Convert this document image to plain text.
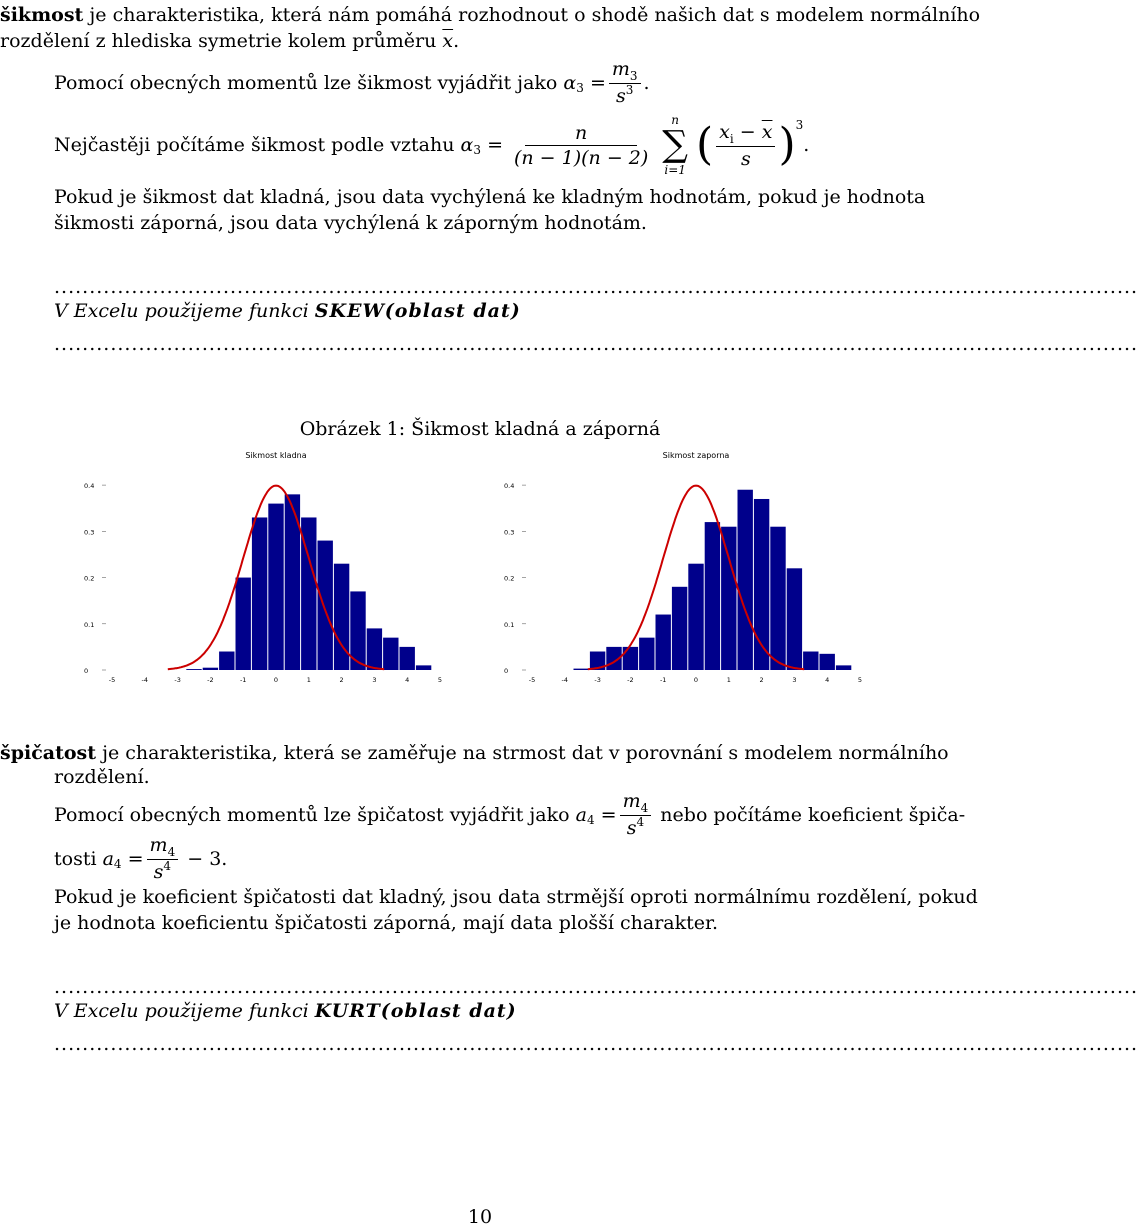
šikmost je charakteristika, která nám pomáhá rozhodnout o shodě našich dat s modelem normálního
rozdělení z hlediska symetrie kolem průměru $\overline{x}$.
Pomocí obecných momentů lze šikmost vyjádřit jako
α 3
= $\frac{m_3}{s^3}$ .
Nejčastěji počítáme šikmost podle vztahu
α 3
= $\frac{n}{(n - 1)(n - 2)}$
n
∑
i=1 ( $\frac{x_i - \overline{x}}{s}$ ) 3
.
Pokud je šikmost dat kladná, jsou data vychýlená ke kladným hodnotám, pokud je hodnota
šikmosti záporná, jsou data vychýlená k záporným hodnotám.
..........................................................................................................................................................
V Excelu použijeme funkci SKEW(oblast dat)
..........................................................................................................................................................
Obrázek 1: Šikmost kladná a záporná
Sikmost kladna
0
0.1
0.2
0.3
0.4
-5	-4	-3	-2	-1	0	1	2	3	4	5
Sikmost zaporna
0
0.1
0.2
0.3
0.4
-5	-4	-3	-2	-1	0	1	2	3	4	5
špičatost je charakteristika, která se zaměřuje na strmost dat v porovnání s modelem normálního
rozdělení.
Pomocí obecných momentů lze špičatost vyjádřit jako
a 4
= $\frac{m_4}{s^4}$
nebo počítáme koeficient špiča-
tosti
a 4
= $\frac{m_4}{s^4}$
− 3.
Pokud je koeficient špičatosti dat kladný, jsou data strmější oproti normálnímu rozdělení, pokud
je hodnota koeficientu špičatosti záporná, mají data plošší charakter.
..........................................................................................................................................................
V Excelu použijeme funkci KURT(oblast dat)
..........................................................................................................................................................
10
